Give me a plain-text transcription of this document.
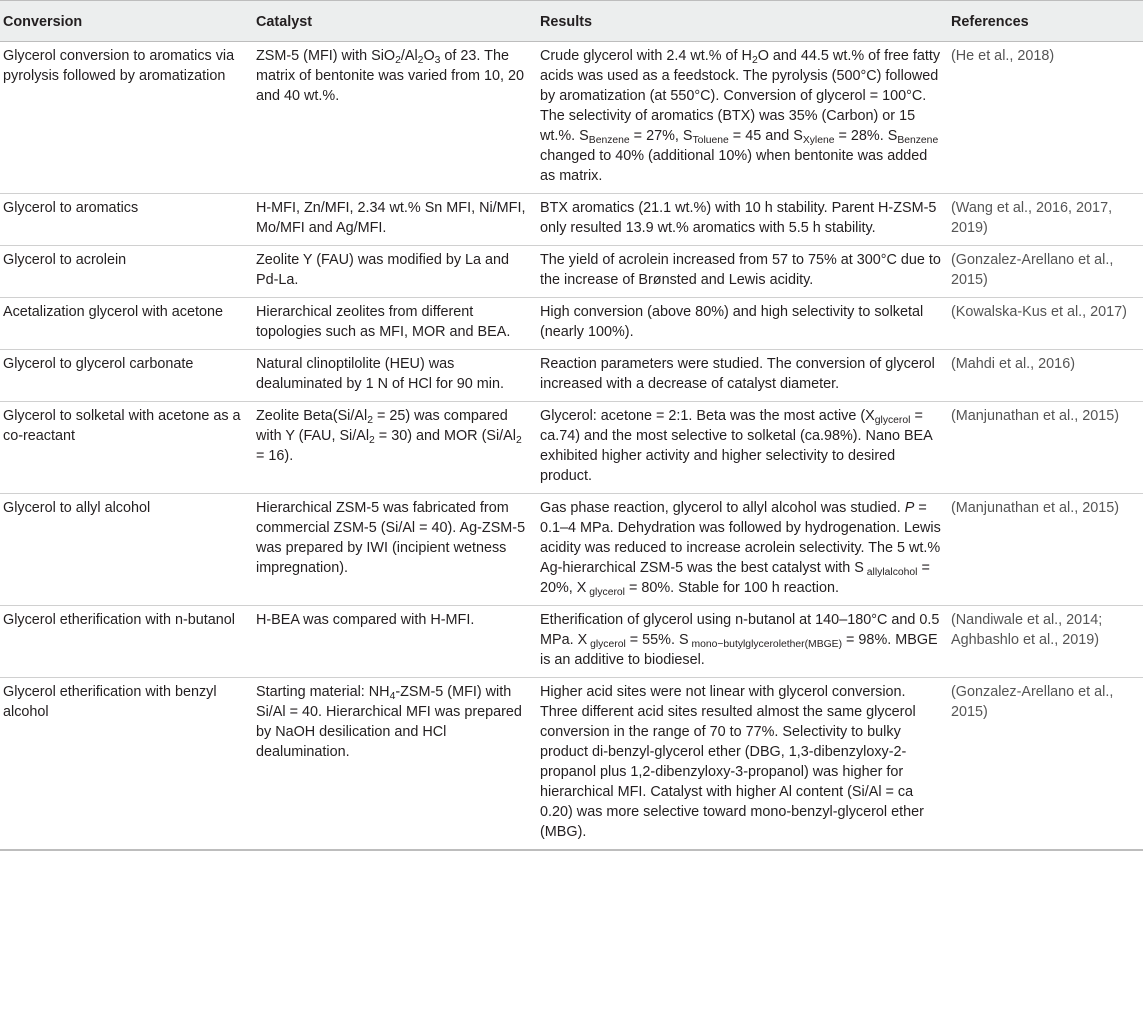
Conversion	Catalyst	Results	References
Glycerol conversion to aromatics via pyrolysis followed by aromatization	ZSM-5 (MFI) with $SiO_2/Al_2O_3$ of 23. The matrix of bentonite was varied from 10, 20 and 40 wt.%.	Crude glycerol with 2.4 wt.% of $H_2O$ and 44.5 wt.% of free fatty acids was used as a feedstock. The pyrolysis (500°C) followed by aromatization (at 550°C). Conversion of glycerol = 100°C. The selectivity of aromatics (BTX) was 35% (Carbon) or 15 wt.%. $S_{Benzene} = 27\%$, $S_{Toluene} = 45$ and $S_{Xylene} = 28\%$. $S_{Benzene}$ changed to 40% (additional 10%) when bentonite was added as matrix.	(He et al., 2018)
Glycerol to aromatics	H-MFI, Zn/MFI, 2.34 wt.% Sn MFI, Ni/MFI, Mo/MFI and Ag/MFI.	BTX aromatics (21.1 wt.%) with 10 h stability. Parent H-ZSM-5 only resulted 13.9 wt.% aromatics with 5.5 h stability.	(Wang et al., 2016, 2017, 2019)
Glycerol to acrolein	Zeolite Y (FAU) was modified by La and Pd-La.	The yield of acrolein increased from 57 to 75% at 300°C due to the increase of Brønsted and Lewis acidity.	(Gonzalez-Arellano et al., 2015)
Acetalization glycerol with acetone	Hierarchical zeolites from different topologies such as MFI, MOR and BEA.	High conversion (above 80%) and high selectivity to solketal (nearly 100%).	(Kowalska-Kus et al., 2017)
Glycerol to glycerol carbonate	Natural clinoptilolite (HEU) was dealuminated by 1 N of HCl for 90 min.	Reaction parameters were studied. The conversion of glycerol increased with a decrease of catalyst diameter.	(Mahdi et al., 2016)
Glycerol to solketal with acetone as a co-reactant	Zeolite $Beta(Si/Al_2 = 25)$ was compared with Y (FAU, $Si/Al_2 = 30$) and MOR $(Si/Al_2 = 16)$.	Glycerol: acetone = 2:1. Beta was the most active $(X_{glycerol} = ca.74)$ and the most selective to solketal (ca.98%). Nano BEA exhibited higher activity and higher selectivity to desired product.	(Manjunathan et al., 2015)
Glycerol to allyl alcohol	Hierarchical ZSM-5 was fabricated from commercial ZSM-5 (Si/Al = 40). Ag-ZSM-5 was prepared by IWI (incipient wetness impregnation).	Gas phase reaction, glycerol to allyl alcohol was studied. P = 0.1–4 MPa. Dehydration was followed by hydrogenation. Lewis acidity was reduced to increase acrolein selectivity. The 5 wt.% Ag-hierarchical ZSM-5 was the best catalyst with S $_{allylalcohol}$ = 20%, X $_{glycerol}$ = 80%. Stable for 100 h reaction.	(Manjunathan et al., 2015)
Glycerol etherification with n-butanol	H-BEA was compared with H-MFI.	Etherification of glycerol using n-butanol at 140–180°C and 0.5 MPa. X $_{glycerol}$ = 55%. S $_{mono-butylglycerolether(MBGE)}$ = 98%. MBGE is an additive to biodiesel.	(Nandiwale et al., 2014; Aghbashlo et al., 2019)
Glycerol etherification with benzyl alcohol	Starting material: $NH_4-ZSM-5$ (MFI) with Si/Al = 40. Hierarchical MFI was prepared by NaOH desilication and HCl dealumination.	Higher acid sites were not linear with glycerol conversion. Three different acid sites resulted almost the same glycerol conversion in the range of 70 to 77%. Selectivity to bulky product di-benzyl-glycerol ether (DBG, 1,3-dibenzyloxy-2-propanol plus 1,2-dibenzyloxy-3-propanol) was higher for hierarchical MFI. Catalyst with higher Al content (Si/Al = ca 0.20) was more selective toward mono-benzyl-glycerol ether (MBG).	(Gonzalez-Arellano et al., 2015)
